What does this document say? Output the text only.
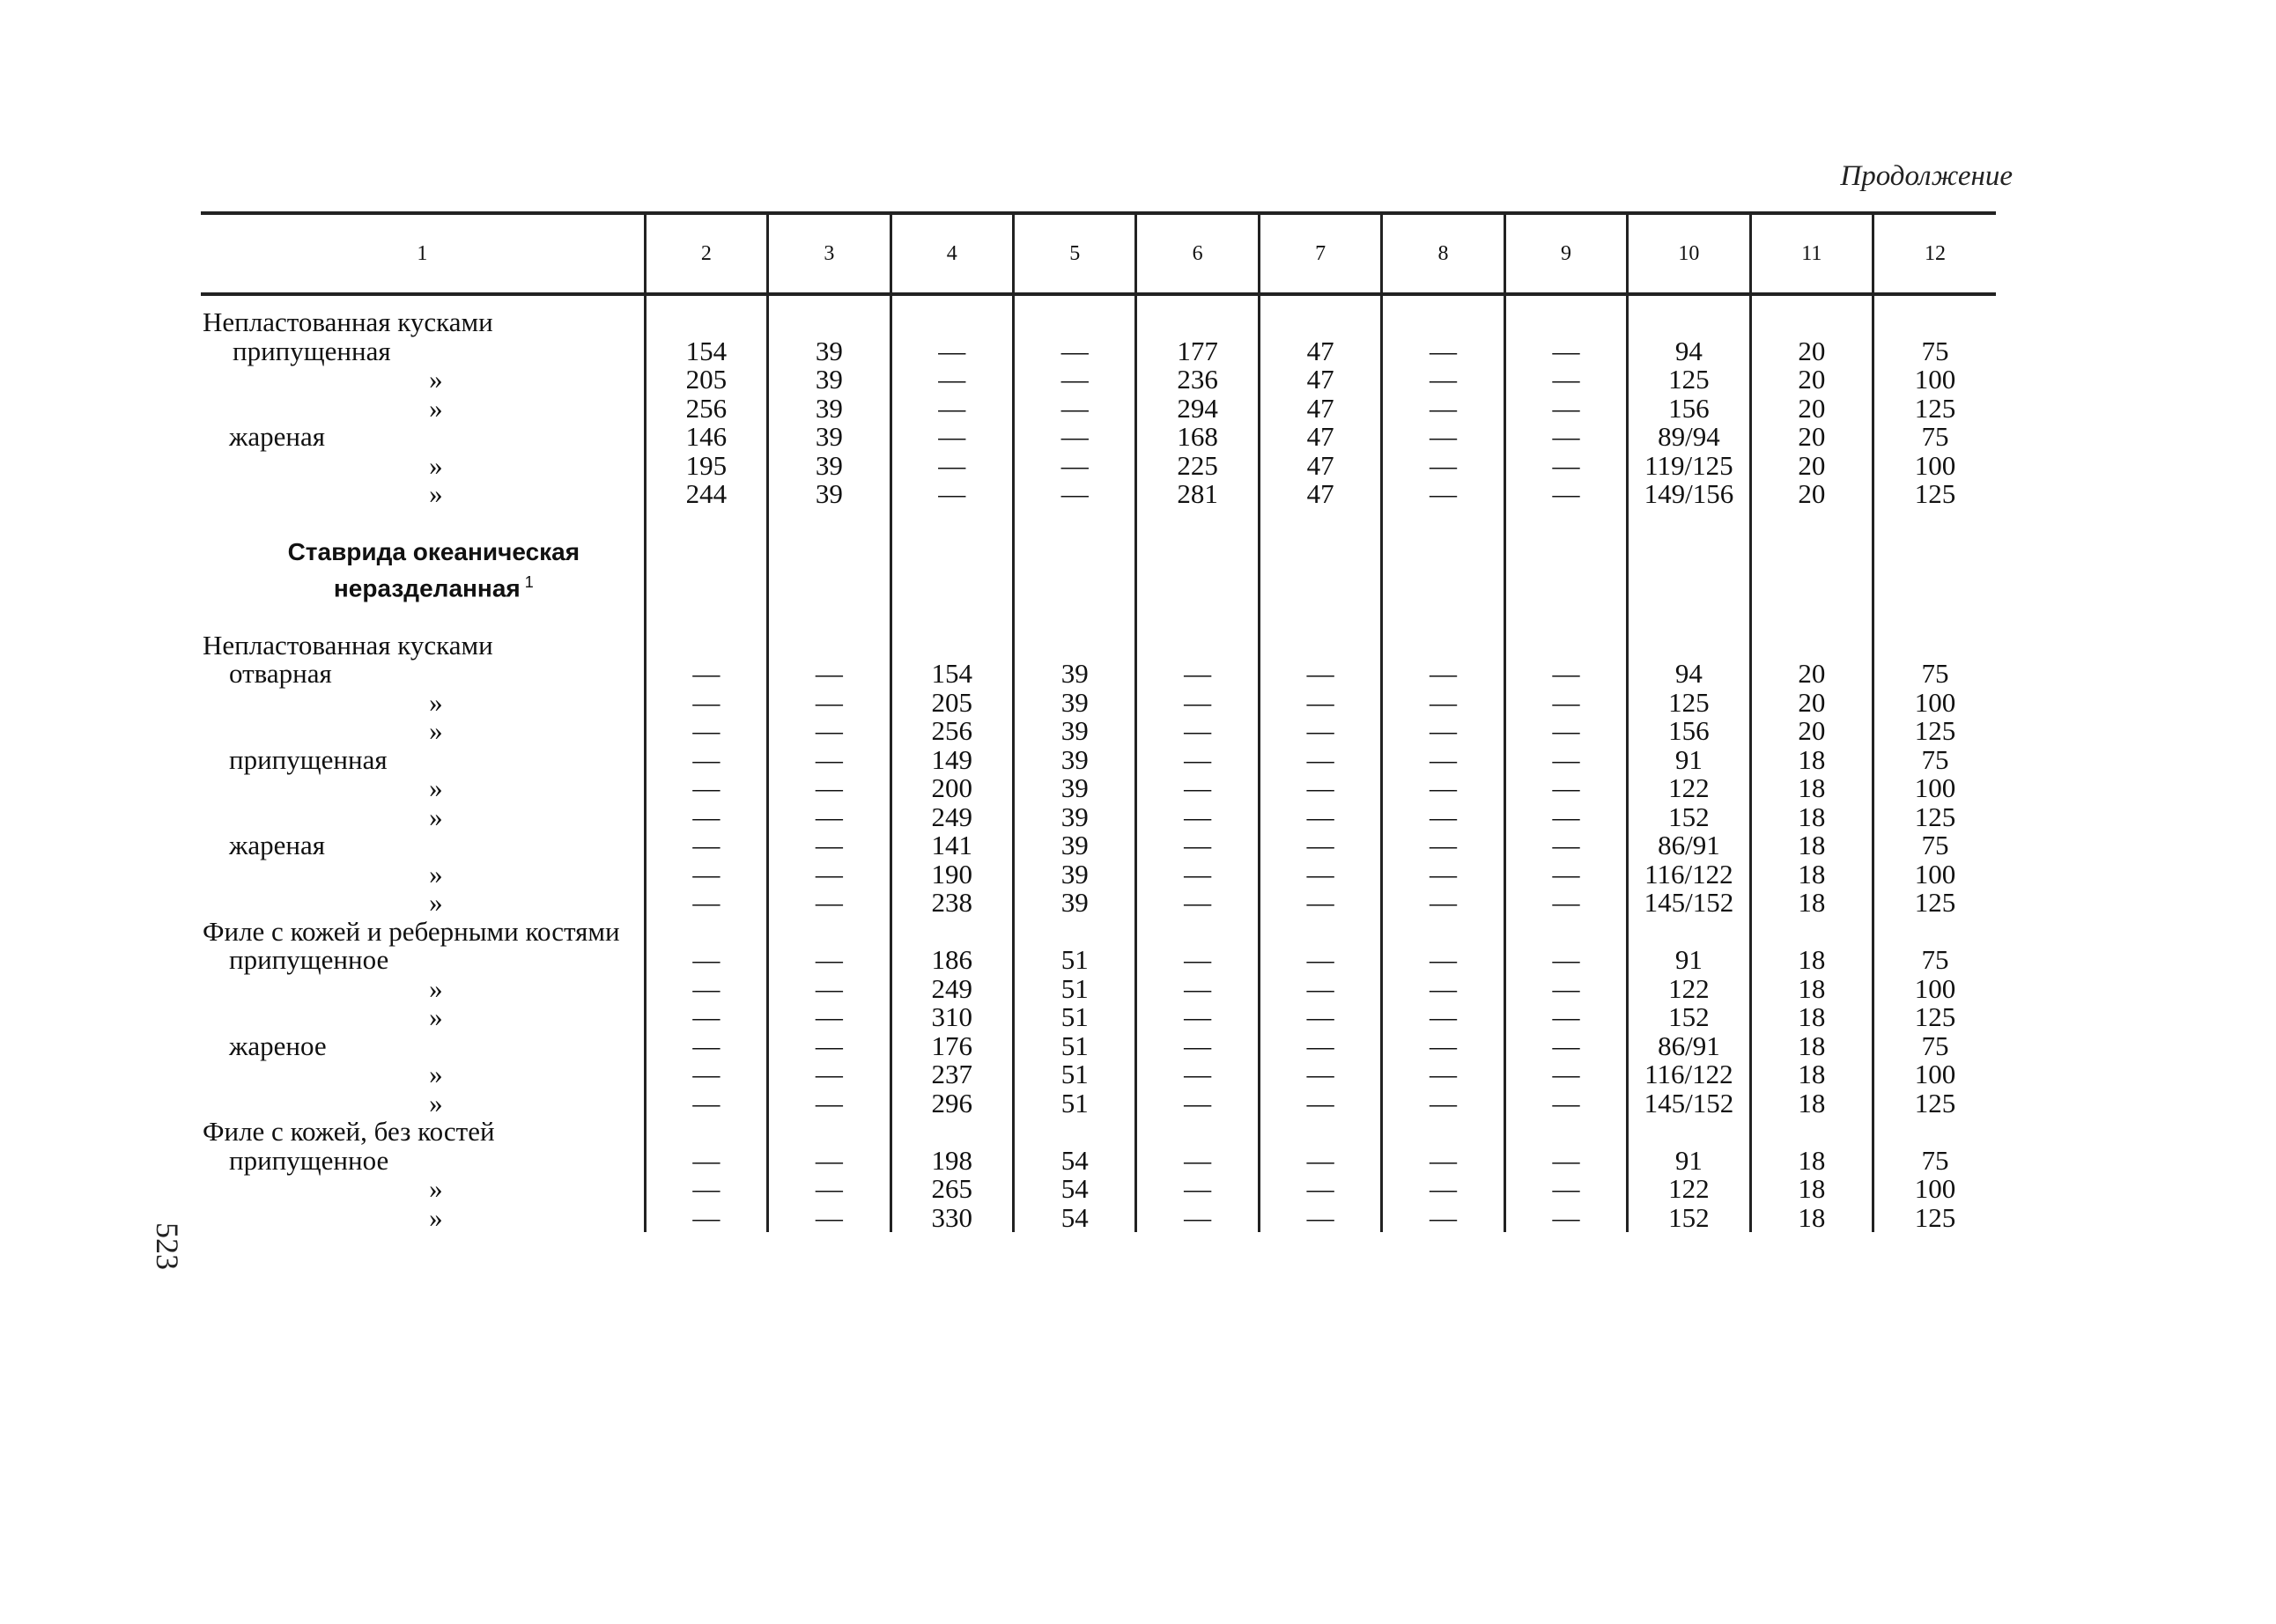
Продолжение
523
1	2	3	4	5	6	7	8	9	10	11	12

Непластованная кусками											

припущенная	154	39	—	—	177	47	—	—	94	20	75

»	205	39	—	—	236	47	—	—	125	20	100

»	256	39	—	—	294	47	—	—	156	20	125

жареная	146	39	—	—	168	47	—	—	89/94	20	75

»	195	39	—	—	225	47	—	—	119/125	20	100

»	244	39	—	—	281	47	—	—	149/156	20	125

Ставрида океаническая неразделанная $^1$

Непластованная кусками											

отварная	—	—	154	39	—	—	—	—	94	20	75

»	—	—	205	39	—	—	—	—	125	20	100

»	—	—	256	39	—	—	—	—	156	20	125

припущенная	—	—	149	39	—	—	—	—	91	18	75

»	—	—	200	39	—	—	—	—	122	18	100

»	—	—	249	39	—	—	—	—	152	18	125

жареная	—	—	141	39	—	—	—	—	86/91	18	75

»	—	—	190	39	—	—	—	—	116/122	18	100

»	—	—	238	39	—	—	—	—	145/152	18	125

Филе с кожей и реберными костями											

припущенное	—	—	186	51	—	—	—	—	91	18	75

»	—	—	249	51	—	—	—	—	122	18	100

»	—	—	310	51	—	—	—	—	152	18	125

жареное	—	—	176	51	—	—	—	—	86/91	18	75

»	—	—	237	51	—	—	—	—	116/122	18	100

»	—	—	296	51	—	—	—	—	145/152	18	125

Филе с кожей, без костей											

припущенное	—	—	198	54	—	—	—	—	91	18	75

»	—	—	265	54	—	—	—	—	122	18	100

»	—	—	330	54	—	—	—	—	152	18	125
